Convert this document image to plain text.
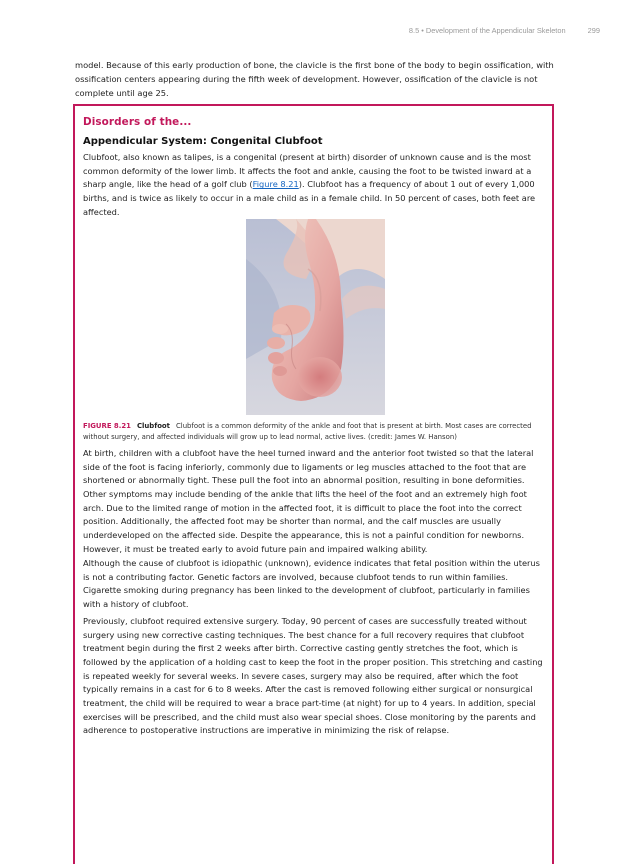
8.5 • Development of the Appendicular Skeleton	299

model. Because of this early production of bone, the clavicle is the first bone of the body to begin ossification, with ossification centers appearing during the fifth week of development. However, ossification of the clavicle is not complete until age 25.

Disorders of the...
Appendicular System: Congenital Clubfoot

Clubfoot, also known as talipes, is a congenital (present at birth) disorder of unknown cause and is the most common deformity of the lower limb. It affects the foot and ankle, causing the foot to be twisted inward at a sharp angle, like the head of a golf club (Figure 8.21). Clubfoot has a frequency of about 1 out of every 1,000 births, and is twice as likely to occur in a male child as in a female child. In 50 percent of cases, both feet are affected.

FIGURE 8.21 Clubfoot Clubfoot is a common deformity of the ankle and foot that is present at birth. Most cases are corrected without surgery, and affected individuals will grow up to lead normal, active lives. (credit: James W. Hanson)

At birth, children with a clubfoot have the heel turned inward and the anterior foot twisted so that the lateral side of the foot is facing inferiorly, commonly due to ligaments or leg muscles attached to the foot that are shortened or abnormally tight. These pull the foot into an abnormal position, resulting in bone deformities. Other symptoms may include bending of the ankle that lifts the heel of the foot and an extremely high foot arch. Due to the limited range of motion in the affected foot, it is difficult to place the foot into the correct position. Additionally, the affected foot may be shorter than normal, and the calf muscles are usually underdeveloped on the affected side. Despite the appearance, this is not a painful condition for newborns. However, it must be treated early to avoid future pain and impaired walking ability.

Although the cause of clubfoot is idiopathic (unknown), evidence indicates that fetal position within the uterus is not a contributing factor. Genetic factors are involved, because clubfoot tends to run within families. Cigarette smoking during pregnancy has been linked to the development of clubfoot, particularly in families with a history of clubfoot.

Previously, clubfoot required extensive surgery. Today, 90 percent of cases are successfully treated without surgery using new corrective casting techniques. The best chance for a full recovery requires that clubfoot treatment begin during the first 2 weeks after birth. Corrective casting gently stretches the foot, which is followed by the application of a holding cast to keep the foot in the proper position. This stretching and casting is repeated weekly for several weeks. In severe cases, surgery may also be required, after which the foot typically remains in a cast for 6 to 8 weeks. After the cast is removed following either surgical or nonsurgical treatment, the child will be required to wear a brace part-time (at night) for up to 4 years. In addition, special exercises will be prescribed, and the child must also wear special shoes. Close monitoring by the parents and adherence to postoperative instructions are imperative in minimizing the risk of relapse.
